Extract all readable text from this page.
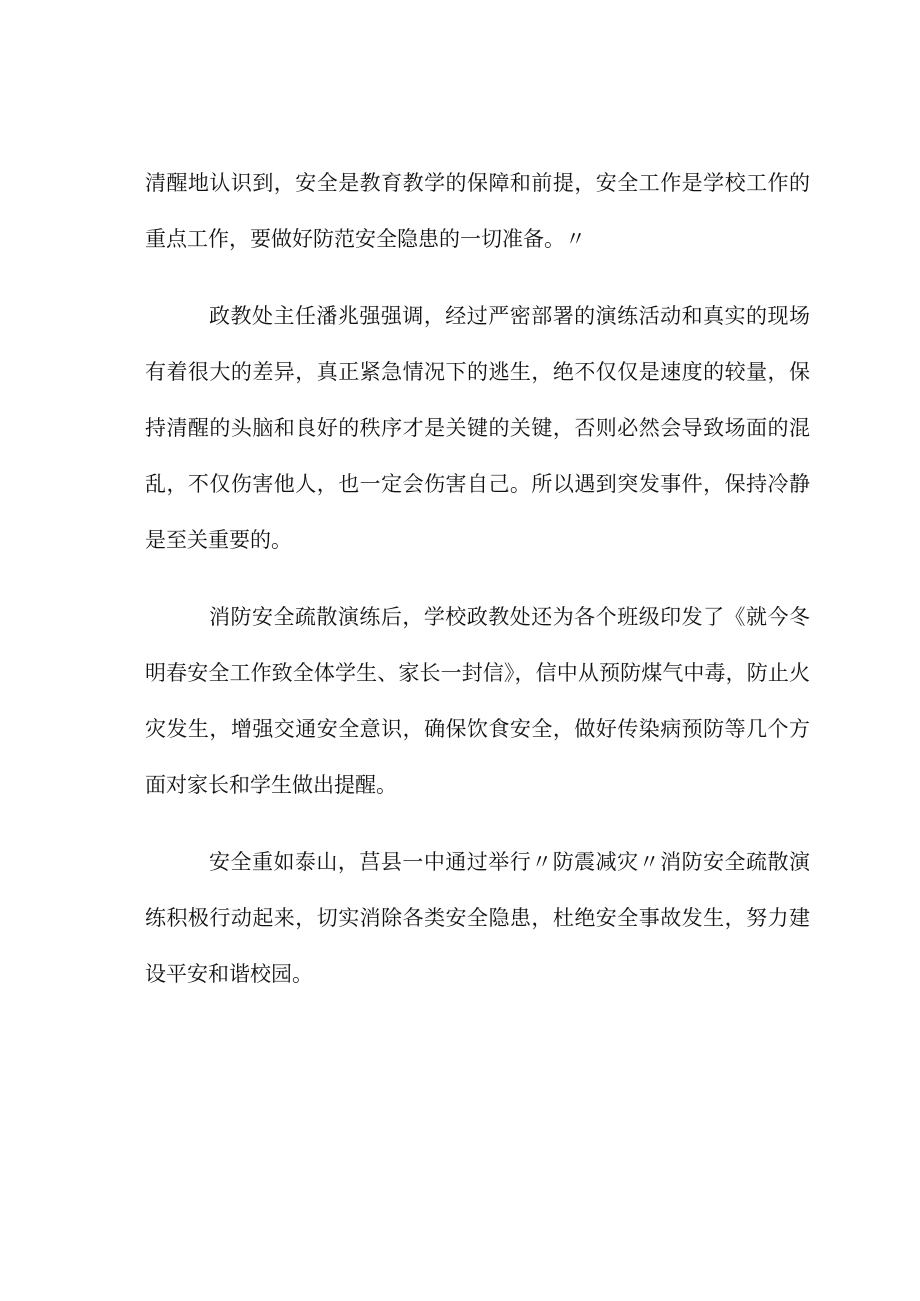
清醒地认识到，安全是教育教学的保障和前提，安全工作是学校工作的重点工作，要做好防范安全隐患的一切准备。〃

政教处主任潘兆强强调，经过严密部署的演练活动和真实的现场有着很大的差异，真正紧急情况下的逃生，绝不仅仅是速度的较量，保持清醒的头脑和良好的秩序才是关键的关键，否则必然会导致场面的混乱，不仅伤害他人，也一定会伤害自己。所以遇到突发事件，保持冷静是至关重要的。

消防安全疏散演练后，学校政教处还为各个班级印发了《就今冬明春安全工作致全体学生、家长一封信》，信中从预防煤气中毒，防止火灾发生，增强交通安全意识，确保饮食安全，做好传染病预防等几个方面对家长和学生做出提醒。

安全重如泰山，莒县一中通过举行〃防震减灾〃消防安全疏散演练积极行动起来，切实消除各类安全隐患，杜绝安全事故发生，努力建设平安和谐校园。
